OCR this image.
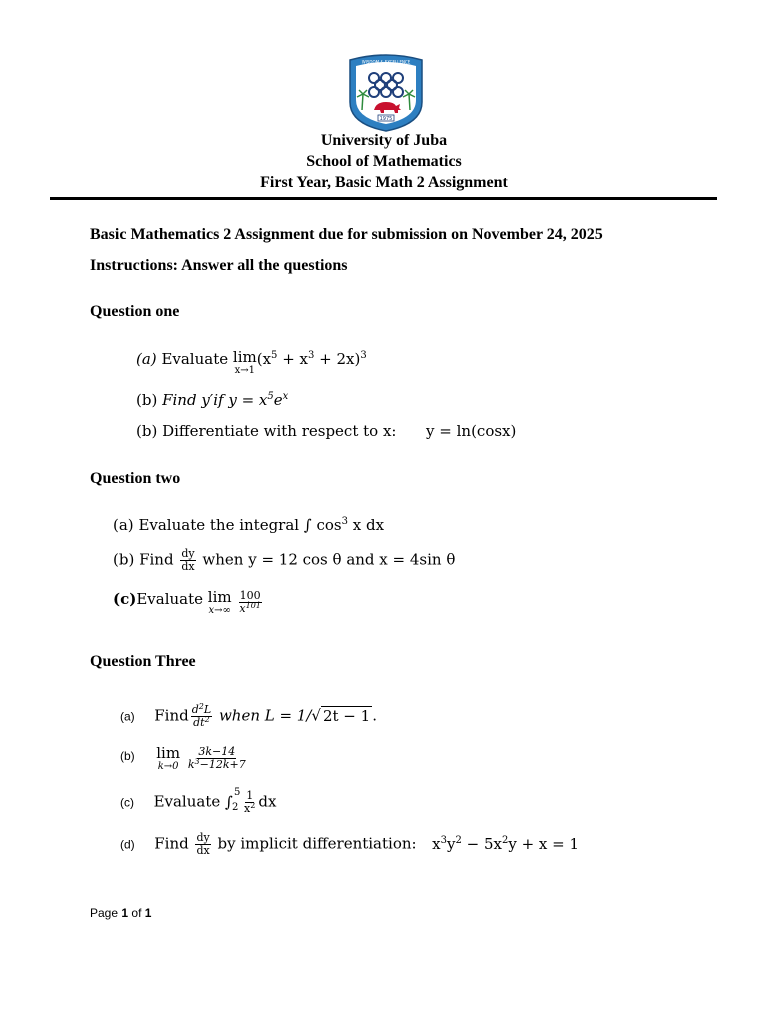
1975
WISDOM & EXCELLENCE
University of Juba
School of Mathematics
First Year, Basic Math 2 Assignment
Basic Mathematics 2 Assignment due for submission on November 24, 2025
Instructions: Answer all the questions
Question one
(a) Evaluate lim
x→1
$(x^5 + x^3 + 2x)^3$
(b) Find y′if $y = x^5e^x$
(b) Differentiate with respect to x: y = ln(cosx)
Question two
(a) Evaluate the integral ∫ $\cos^3 x$ dx
(b) Find $\frac{dy}{dx}$ when y = 12 cos θ and x = 4sin θ
(c)Evaluate lim
x→∞
$\frac{100}{x^{101}}$
Question Three
(a) Find $\frac{d^2L}{dt^2}$ when L = 1/√ 2t − 1 .
(b) lim
k→0
$\frac{3k-14}{k^3-12k+7}$
(c) Evaluate ∫
5
$2 \frac{1}{x^2}$ dx
(d) Find $\frac{dy}{dx}$ by implicit differentiation: $x^3y^2 - 5x^2y + x = 1$
Page 1 of 1
